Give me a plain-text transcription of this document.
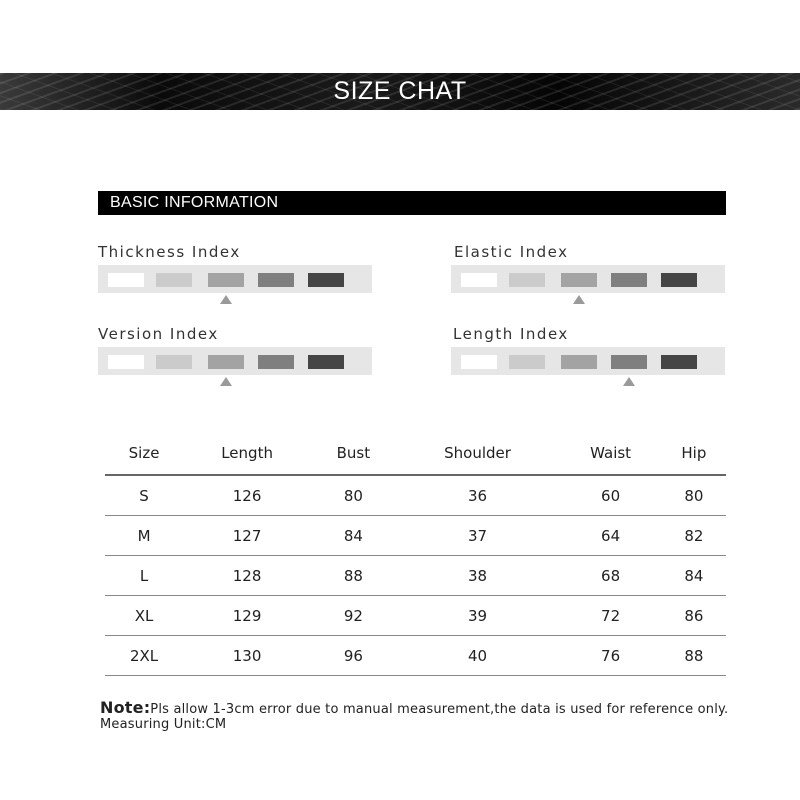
SIZE CHAT
BASIC INFORMATION
Thickness Index	Elastic Index
Version Index	Length Index
Size	Length	Bust	Shoulder	Waist	Hip
S	126	80	36	60	80
M	127	84	37	64	82
L	128	88	38	68	84
XL	129	92	39	72	86
2XL	130	96	40	76	88
Note:Pls allow 1-3cm error due to manual measurement,the data is used for reference only.
Measuring Unit:CM
